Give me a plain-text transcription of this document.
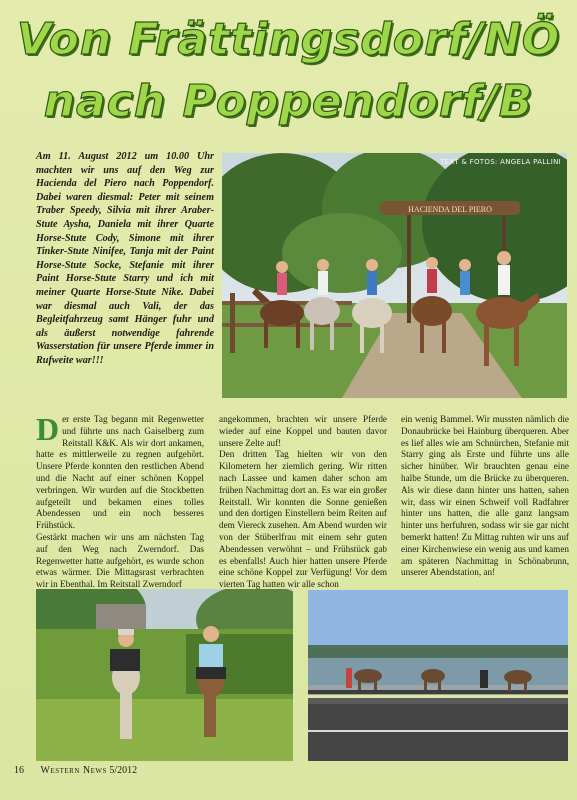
Von Frättingsdorf/NÖ
nach Poppendorf/B
Am 11. August 2012 um 10.00 Uhr machten wir uns auf den Weg zur Hacienda del Piero nach Poppendorf. Dabei waren diesmal: Peter mit seinem Traber Speedy, Silvia mit ihrer Araber-Stute Aysha, Daniela mit ihrer Quarte Horse-Stute Cody, Simone mit ihrer Tinker-Stute Ninifee, Tanja mit der Paint Horse-Stute Socke, Stefanie mit ihrer Paint Horse-Stute Starry und ich mit meiner Quarte Horse-Stute Nike. Dabei war diesmal auch Vali, der das Begleitfahrzeug samt Hänger fuhr und als äußerst notwendige fahrende Wasserstation für unsere Pferde immer in Rufweite war!!!
HACIENDA DEL PIERO
TEXT & FOTOS: ANGELA PALLINI

Der erste Tag begann mit Regenwetter und führte uns nach Gaiselberg zum Reitstall K&K. Als wir dort ankamen, hatte es mittlerweile zu regnen aufgehört. Unsere Pferde konnten den restlichen Abend und die Nacht auf einer schönen Koppel verbringen. Wir wurden auf die Stockbetten aufgeteilt und bekamen eines tolles Abendessen und ein noch besseres Frühstück.

Gestärkt machen wir uns am nächsten Tag auf den Weg nach Zwerndorf. Das Regenwetter hatte aufgehört, es wurde schon etwas wärmer. Die Mittagsrast verbrachten wir in Ebenthal. Im Reitstall Zwerndorf

angekommen, brachten wir unsere Pferde wieder auf eine Koppel und bauten davor unsere Zelte auf!

Den dritten Tag hielten wir von den Kilometern her ziemlich gering. Wir ritten nach Lassee und kamen daher schon am frühen Nachmittag dort an. Es war ein großer Reitstall. Wir konnten die Sonne genießen und den dortigen Einstellern beim Reiten auf dem Viereck zusehen. Am Abend wurden wir von der Stüberlfrau mit einem sehr guten Abendessen verwöhnt – und Frühstück gab es ebenfalls! Auch hier hatten unsere Pferde eine schöne Koppel zur Verfügung! Vor dem vierten Tag hatten wir alle schon

ein wenig Bammel. Wir mussten nämlich die Donaubrücke bei Hainburg überqueren. Aber es lief alles wie am Schnürchen, Stefanie mit Starry ging als Erste und führte uns alle sicher hinüber. Wir brauchten genau eine halbe Stunde, um die Brücke zu überqueren. Als wir diese dann hinter uns hatten, sahen wir, dass wir einen Schweif voll Radfahrer hinter uns hatten, die alle ganz langsam hinter uns herfuhren, sodass wir sie gar nicht bemerkt hatten! Zu Mittag ruhten wir uns auf einer Kirchenwiese ein wenig aus und kamen am späteren Nachmittag in Schönabrunn, unserer Abendstation, an!

16 Western News 5/2012
